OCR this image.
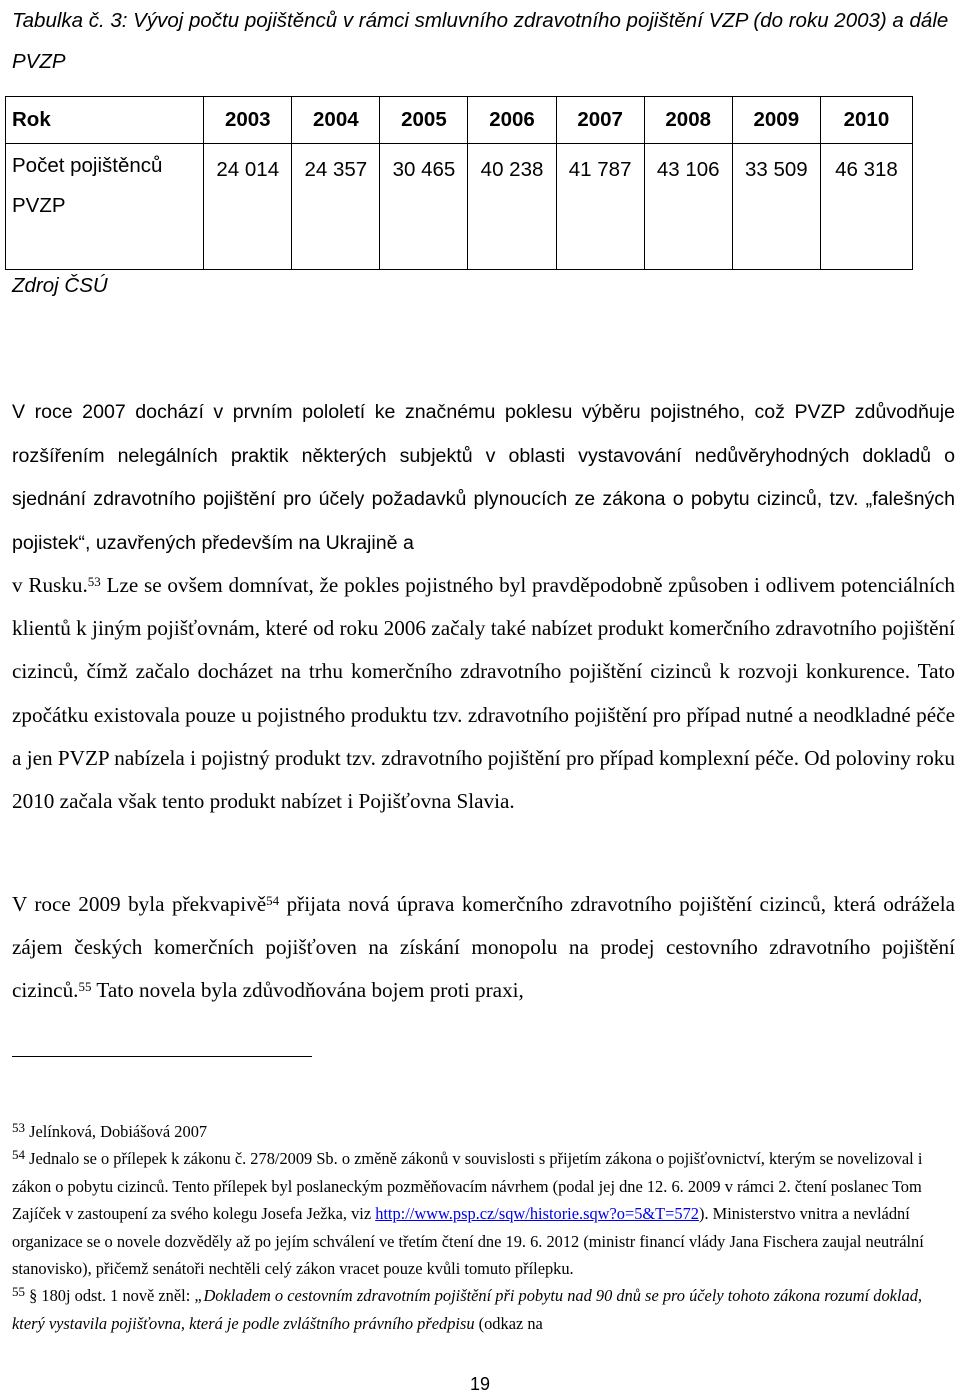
Tabulka č. 3: Vývoj počtu pojištěnců v rámci smluvního zdravotního pojištění VZP (do roku 2003) a dále PVZP
Rok	2003	2004	2005	2006	2007	2008	2009	2010
Počet pojištěnců
PVZP	24 014	24 357	30 465	40 238	41 787	43 106	33 509	46 318
Zdroj ČSÚ
V roce 2007 dochází v prvním pololetí ke značnému poklesu výběru pojistného, což PVZP zdůvodňuje rozšířením nelegálních praktik některých subjektů v oblasti vystavování nedůvěryhodných dokladů o sjednání zdravotního pojištění pro účely požadavků plynoucích ze zákona o pobytu cizinců, tzv. „falešných pojistek“, uzavřených především na Ukrajině a
v Rusku.$^{53}$ Lze se ovšem domnívat, že pokles pojistného byl pravděpodobně způsoben i odlivem potenciálních klientů k jiným pojišťovnám, které od roku 2006 začaly také nabízet produkt komerčního zdravotního pojištění cizinců, čímž začalo docházet na trhu komerčního zdravotního pojištění cizinců k rozvoji konkurence. Tato zpočátku existovala pouze u pojistného produktu tzv. zdravotního pojištění pro případ nutné a neodkladné péče a jen PVZP nabízela i pojistný produkt tzv. zdravotního pojištění pro případ komplexní péče. Od poloviny roku 2010 začala však tento produkt nabízet i Pojišťovna Slavia.
V roce 2009 byla překvapivě$^{54}$ přijata nová úprava komerčního zdravotního pojištění cizinců, která odrážela zájem českých komerčních pojišťoven na získání monopolu na prodej cestovního zdravotního pojištění cizinců.$^{55}$ Tato novela byla zdůvodňována bojem proti praxi,

$^{53}$ Jelínková, Dobiášová 2007

$^{54}$ Jednalo se o přílepek k zákonu č. 278/2009 Sb. o změně zákonů v souvislosti s přijetím zákona o pojišťovnictví, kterým se novelizoval i zákon o pobytu cizinců. Tento přílepek byl poslaneckým pozměňovacím návrhem (podal jej dne 12. 6. 2009 v rámci 2. čtení poslanec Tom Zajíček v zastoupení za svého kolegu Josefa Ježka, viz http://www.psp.cz/sqw/historie.sqw?o=5&T=572). Ministerstvo vnitra a nevládní organizace se o novele dozvěděly až po jejím schválení ve třetím čtení dne 19. 6. 2012 (ministr financí vlády Jana Fischera zaujal neutrální stanovisko), přičemž senátoři nechtěli celý zákon vracet pouze kvůli tomuto přílepku.

$^{55}$ § 180j odst. 1 nově zněl: „Dokladem o cestovním zdravotním pojištění při pobytu nad 90 dnů se pro účely tohoto zákona rozumí doklad, který vystavila pojišťovna, která je podle zvláštního právního předpisu (odkaz na

19
